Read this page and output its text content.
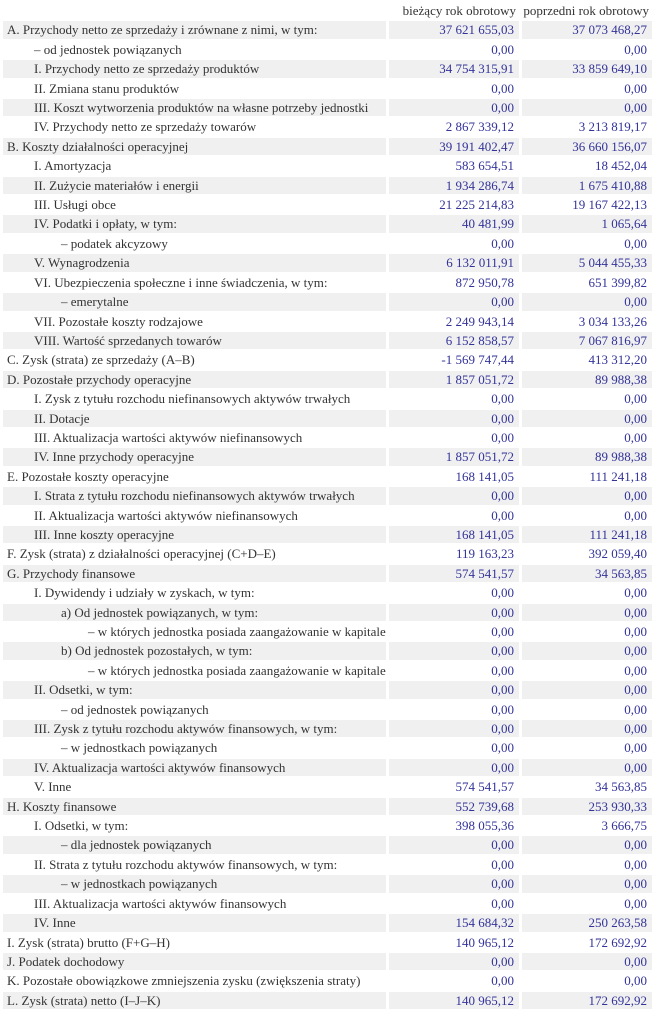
	bieżący rok obrotowy	poprzedni rok obrotowy
A. Przychody netto ze sprzedaży i zrównane z nimi, w tym:	37 621 655,03	37 073 468,27
– od jednostek powiązanych	0,00	0,00
I. Przychody netto ze sprzedaży produktów	34 754 315,91	33 859 649,10
II. Zmiana stanu produktów	0,00	0,00
III. Koszt wytworzenia produktów na własne potrzeby jednostki	0,00	0,00
IV. Przychody netto ze sprzedaży towarów	2 867 339,12	3 213 819,17
B. Koszty działalności operacyjnej	39 191 402,47	36 660 156,07
I. Amortyzacja	583 654,51	18 452,04
II. Zużycie materiałów i energii	1 934 286,74	1 675 410,88
III. Usługi obce	21 225 214,83	19 167 422,13
IV. Podatki i opłaty, w tym:	40 481,99	1 065,64
– podatek akcyzowy	0,00	0,00
V. Wynagrodzenia	6 132 011,91	5 044 455,33
VI. Ubezpieczenia społeczne i inne świadczenia, w tym:	872 950,78	651 399,82
– emerytalne	0,00	0,00
VII. Pozostałe koszty rodzajowe	2 249 943,14	3 034 133,26
VIII. Wartość sprzedanych towarów	6 152 858,57	7 067 816,97
C. Zysk (strata) ze sprzedaży (A–B)	-1 569 747,44	413 312,20
D. Pozostałe przychody operacyjne	1 857 051,72	89 988,38
I. Zysk z tytułu rozchodu niefinansowych aktywów trwałych	0,00	0,00
II. Dotacje	0,00	0,00
III. Aktualizacja wartości aktywów niefinansowych	0,00	0,00
IV. Inne przychody operacyjne	1 857 051,72	89 988,38
E. Pozostałe koszty operacyjne	168 141,05	111 241,18
I. Strata z tytułu rozchodu niefinansowych aktywów trwałych	0,00	0,00
II. Aktualizacja wartości aktywów niefinansowych	0,00	0,00
III. Inne koszty operacyjne	168 141,05	111 241,18
F. Zysk (strata) z działalności operacyjnej (C+D–E)	119 163,23	392 059,40
G. Przychody finansowe	574 541,57	34 563,85
I. Dywidendy i udziały w zyskach, w tym:	0,00	0,00
a) Od jednostek powiązanych, w tym:	0,00	0,00
– w których jednostka posiada zaangażowanie w kapitale	0,00	0,00
b) Od jednostek pozostałych, w tym:	0,00	0,00
– w których jednostka posiada zaangażowanie w kapitale	0,00	0,00
II. Odsetki, w tym:	0,00	0,00
– od jednostek powiązanych	0,00	0,00
III. Zysk z tytułu rozchodu aktywów finansowych, w tym:	0,00	0,00
– w jednostkach powiązanych	0,00	0,00
IV. Aktualizacja wartości aktywów finansowych	0,00	0,00
V. Inne	574 541,57	34 563,85
H. Koszty finansowe	552 739,68	253 930,33
I. Odsetki, w tym:	398 055,36	3 666,75
– dla jednostek powiązanych	0,00	0,00
II. Strata z tytułu rozchodu aktywów finansowych, w tym:	0,00	0,00
– w jednostkach powiązanych	0,00	0,00
III. Aktualizacja wartości aktywów finansowych	0,00	0,00
IV. Inne	154 684,32	250 263,58
I. Zysk (strata) brutto (F+G–H)	140 965,12	172 692,92
J. Podatek dochodowy	0,00	0,00
K. Pozostałe obowiązkowe zmniejszenia zysku (zwiększenia straty)	0,00	0,00
L. Zysk (strata) netto (I–J–K)	140 965,12	172 692,92
